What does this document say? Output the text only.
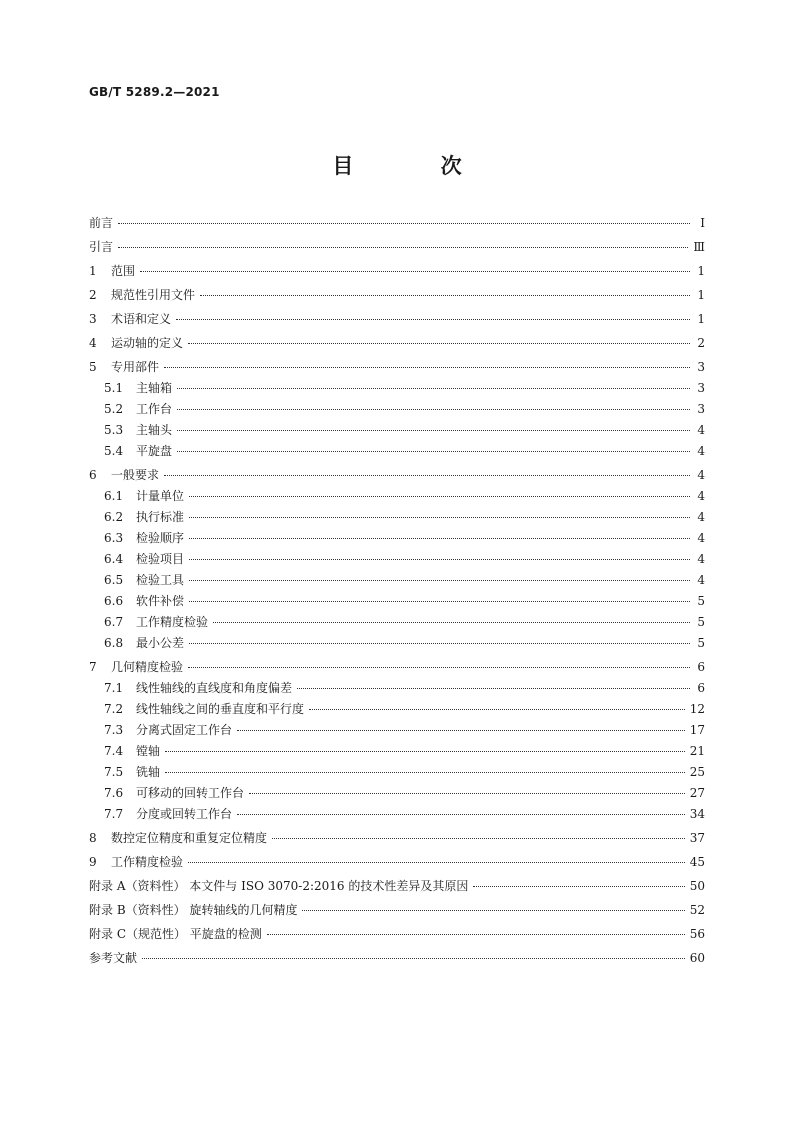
GB/T 5289.2—2021
目 次
前言	Ⅰ
引言	Ⅲ
1	范围	1
2	规范性引用文件	1
3	术语和定义	1
4	运动轴的定义	2
5	专用部件	3
5.1	主轴箱	3
5.2	工作台	3
5.3	主轴头	4
5.4	平旋盘	4
6	一般要求	4
6.1	计量单位	4
6.2	执行标准	4
6.3	检验顺序	4
6.4	检验项目	4
6.5	检验工具	4
6.6	软件补偿	5
6.7	工作精度检验	5
6.8	最小公差	5
7	几何精度检验	6
7.1	线性轴线的直线度和角度偏差	6
7.2	线性轴线之间的垂直度和平行度	12
7.3	分离式固定工作台	17
7.4	镗轴	21
7.5	铣轴	25
7.6	可移动的回转工作台	27
7.7	分度或回转工作台	34
8	数控定位精度和重复定位精度	37
9	工作精度检验	45
附录 A（资料性） 本文件与 ISO 3070-2:2016 的技术性差异及其原因	50
附录 B（资料性） 旋转轴线的几何精度	52
附录 C（规范性） 平旋盘的检测	56
参考文献	60
